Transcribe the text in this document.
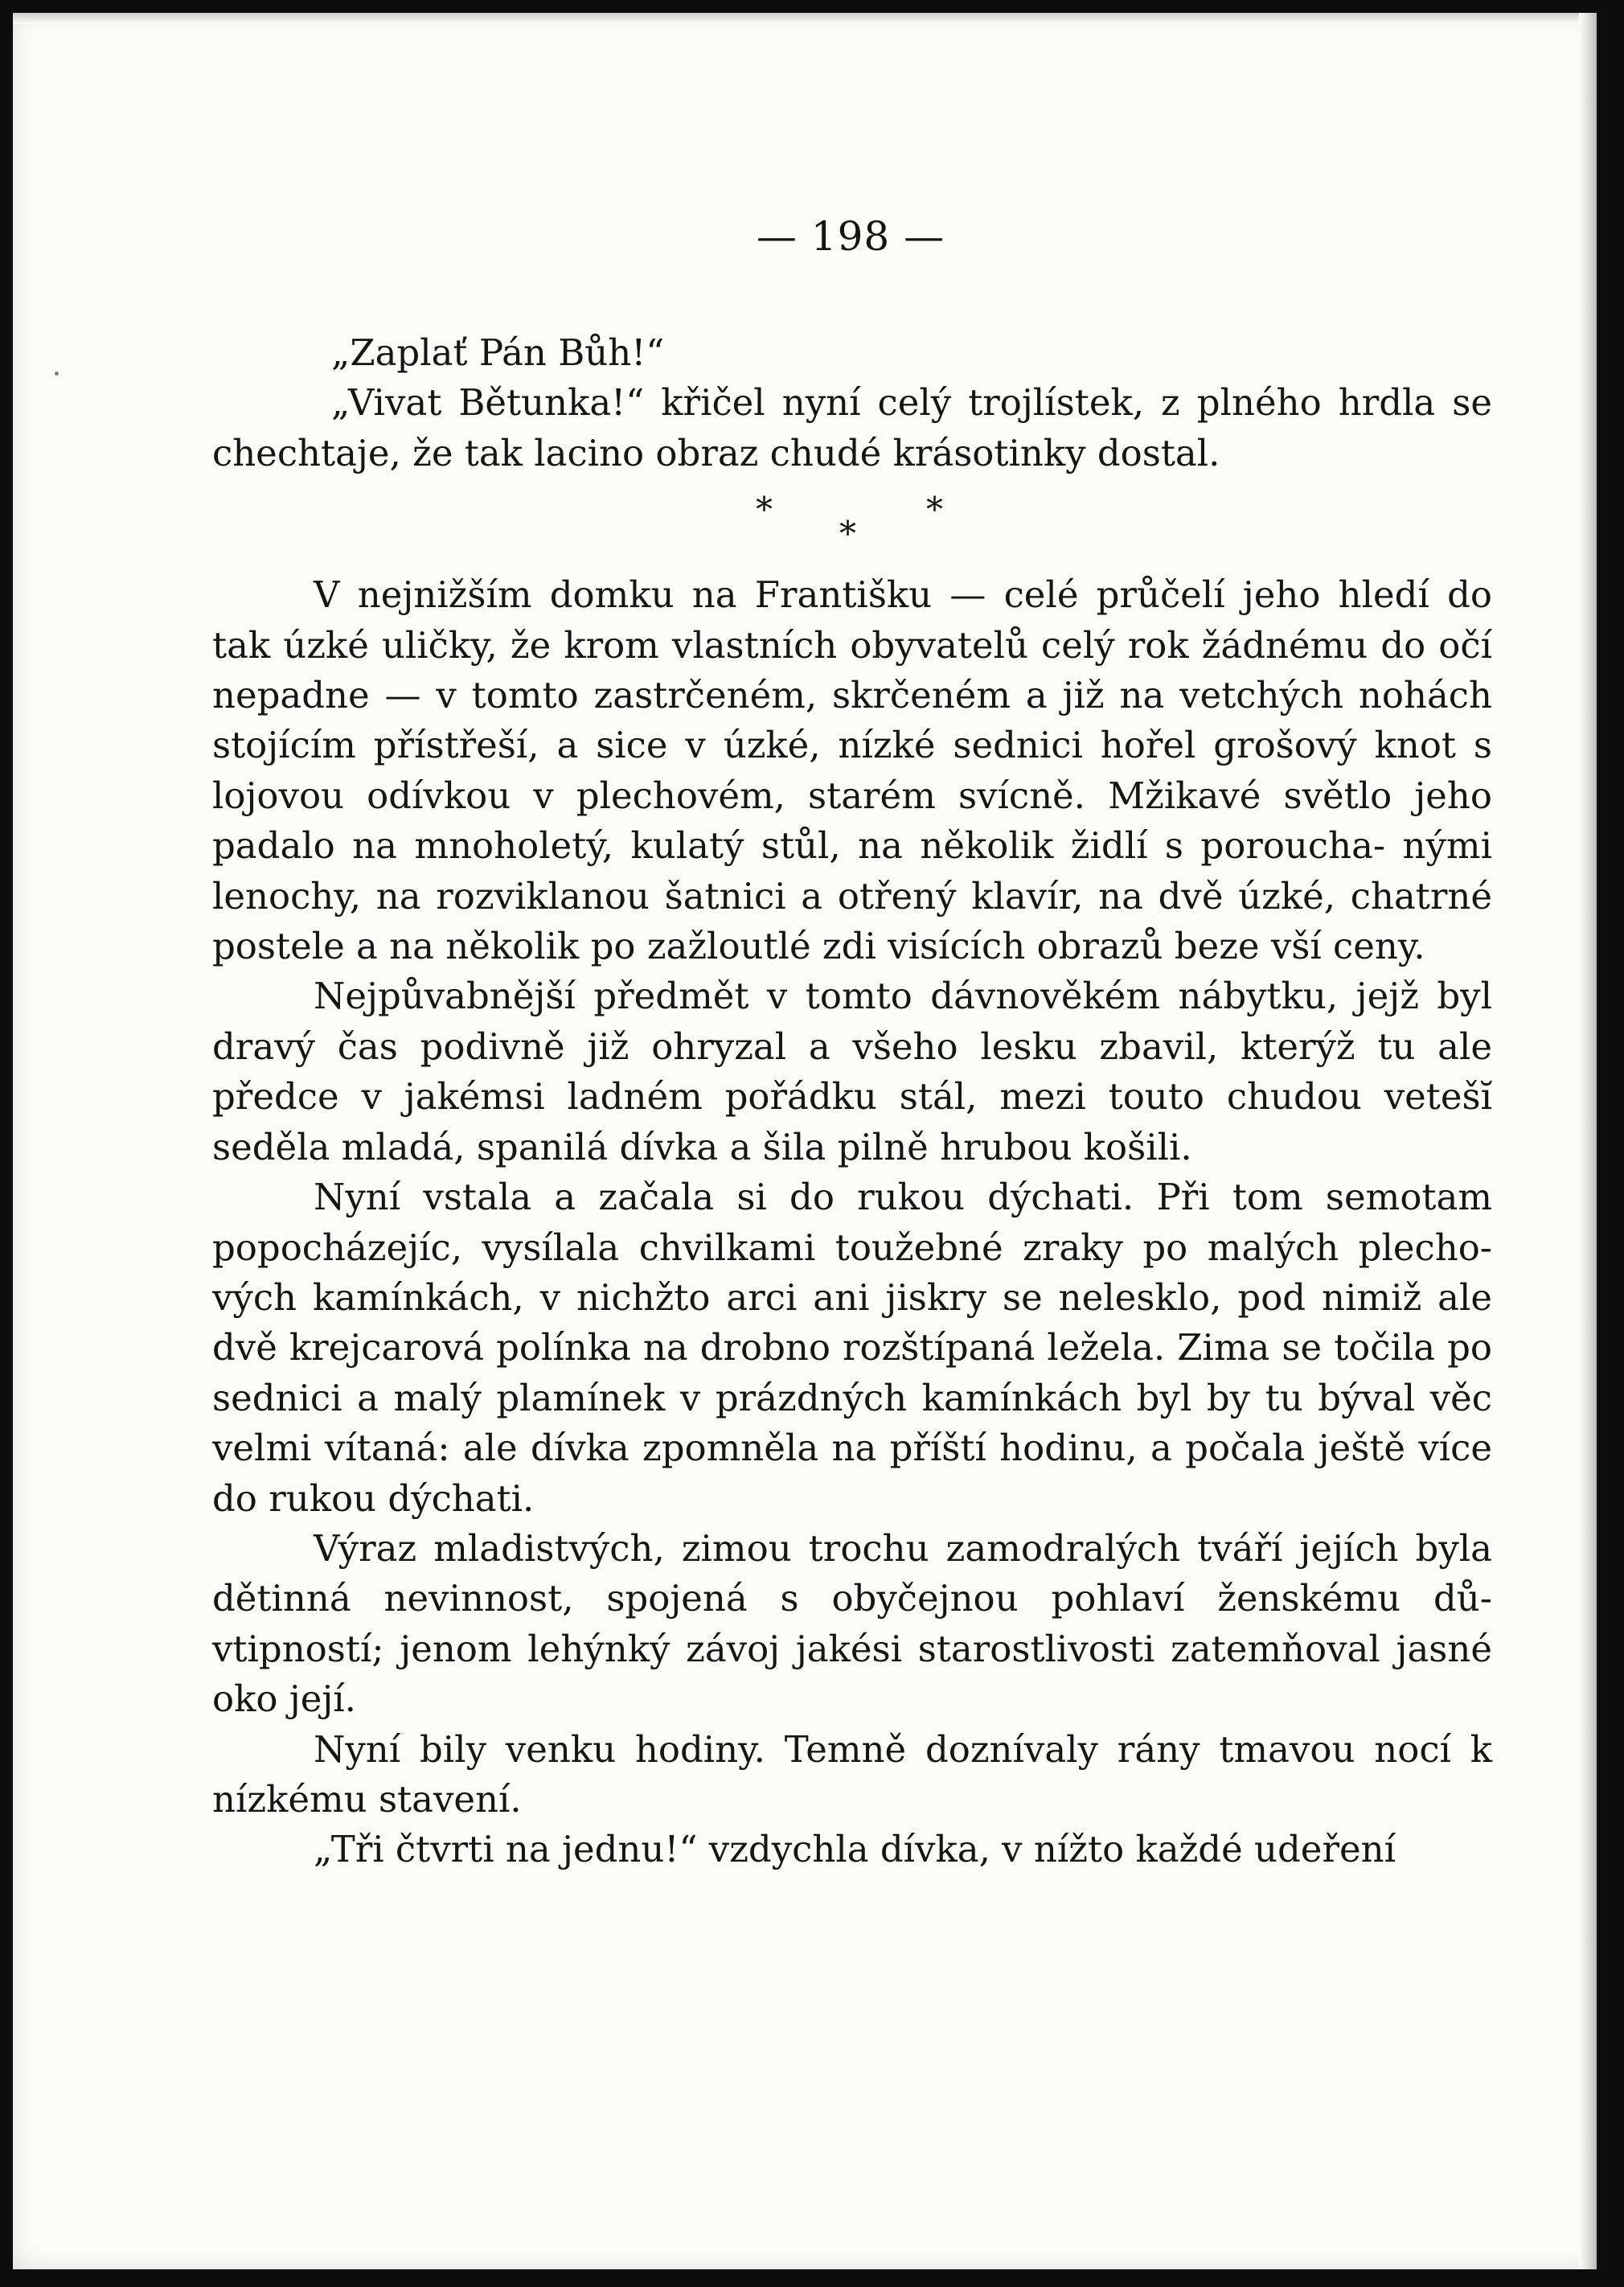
— 198 —

„Zaplať Pán Bůh!“

„Vivat Bětunka!“ křičel nyní celý trojlístek, z plného hrdla se chechtaje, že tak lacino obraz chudé krásotinky dostal.

*
*
*

V nejnižším domku na Františku — celé průčelí jeho hledí do tak úzké uličky, že krom vlastních obyvatelů celý rok žádnému do očí nepadne — v tomto zastrčeném, skrčeném a již na vetchých nohách stojícím přístřeší, a sice v úzké, nízké sednici hořel grošový knot s lojovou odívkou v plechovém, starém svícně. Mžikavé světlo jeho padalo na mnoholetý, kulatý stůl, na několik židlí s poroucha- nými lenochy, na rozviklanou šatnici a otřený klavír, na dvě úzké, chatrné postele a na několik po zažloutlé zdi visících obrazů beze vší ceny.

Nejpůvabnější předmět v tomto dávnověkém nábytku, jejž byl dravý čas podivně již ohryzal a všeho lesku zbavil, kterýž tu ale předce v jakémsi ladném pořádku stál, mezi touto chudou vetešĭ seděla mladá, spanilá dívka a šila pilně hrubou košili.

Nyní vstala a začala si do rukou dýchati. Při tom semotam popocházejíc, vysílala chvilkami toužebné zraky po malých plecho- vých kamínkách, v nichžto arci ani jiskry se nelesklo, pod nimiž ale dvě krejcarová polínka na drobno rozštípaná ležela. Zima se točila po sednici a malý plamínek v prázdných kamínkách byl by tu býval věc velmi vítaná: ale dívka zpomněla na příští hodinu, a počala ještě více do rukou dýchati.

Výraz mladistvých, zimou trochu zamodralých tváří jejích byla dětinná nevinnost, spojená s obyčejnou pohlaví ženskému dů- vtipností; jenom lehýnký závoj jakési starostlivosti zatemňoval jasné oko její.

Nyní bily venku hodiny. Temně doznívaly rány tmavou nocí k nízkému stavení.

„Tři čtvrti na jednu!“ vzdychla dívka, v nížto každé udeření
